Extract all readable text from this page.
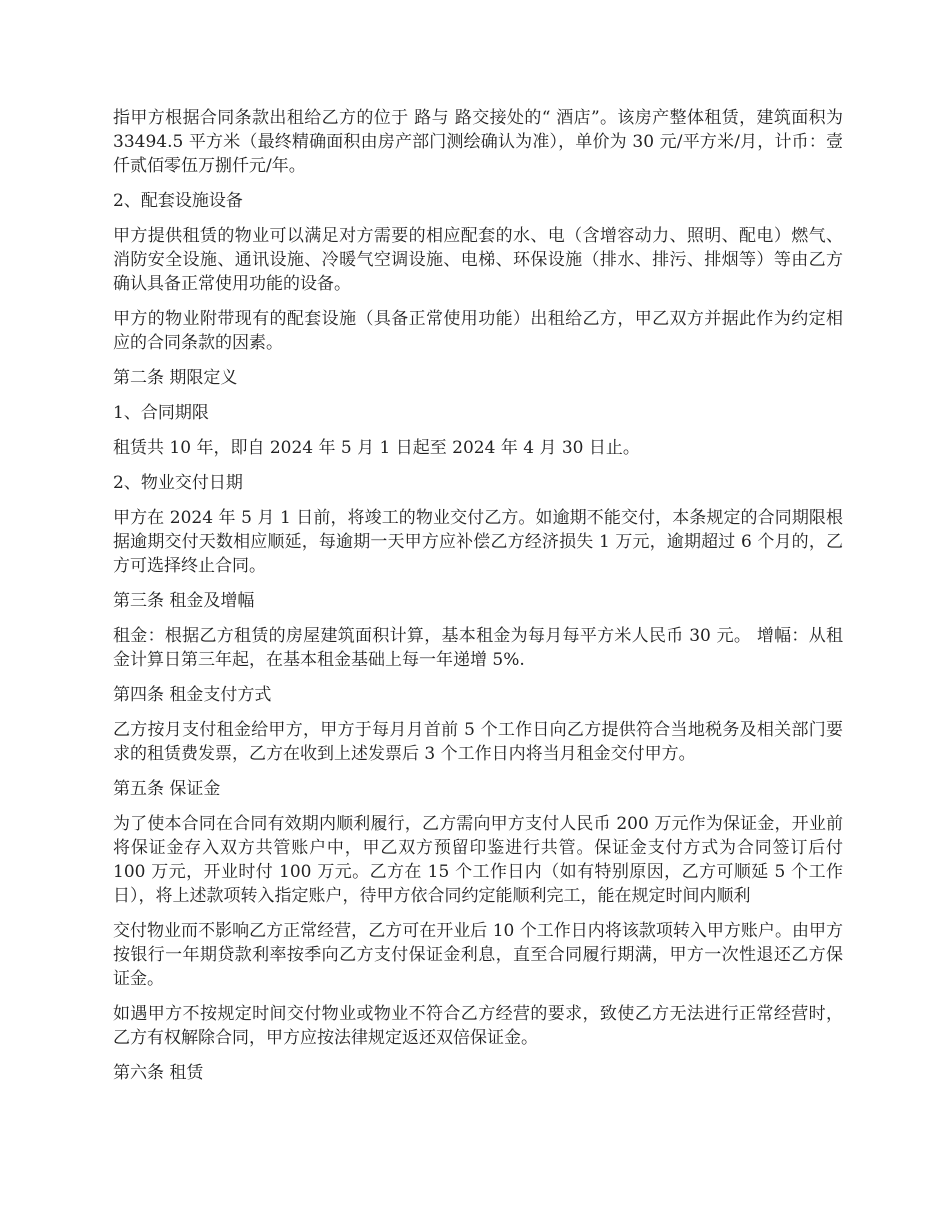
指甲方根据合同条款出租给乙方的位于 路与 路交接处的“ 酒店”。该房产整体租赁，建筑面积为 33494.5 平方米（最终精确面积由房产部门测绘确认为准），单价为 30 元/平方米/月，计币：壹仟贰佰零伍万捌仟元/年。

2、配套设施设备

甲方提供租赁的物业可以满足对方需要的相应配套的水、电（含增容动力、照明、配电）燃气、消防安全设施、通讯设施、冷暖气空调设施、电梯、环保设施（排水、排污、排烟等）等由乙方确认具备正常使用功能的设备。

甲方的物业附带现有的配套设施（具备正常使用功能）出租给乙方，甲乙双方并据此作为约定相应的合同条款的因素。

第二条 期限定义

1、合同期限

租赁共 10 年，即自 2024 年 5 月 1 日起至 2024 年 4 月 30 日止。

2、物业交付日期

甲方在 2024 年 5 月 1 日前，将竣工的物业交付乙方。如逾期不能交付，本条规定的合同期限根据逾期交付天数相应顺延，每逾期一天甲方应补偿乙方经济损失 1 万元，逾期超过 6 个月的，乙方可选择终止合同。

第三条 租金及增幅

租金：根据乙方租赁的房屋建筑面积计算，基本租金为每月每平方米人民币 30 元。 增幅：从租金计算日第三年起，在基本租金基础上每一年递增 5%.

第四条 租金支付方式

乙方按月支付租金给甲方，甲方于每月月首前 5 个工作日向乙方提供符合当地税务及相关部门要求的租赁费发票，乙方在收到上述发票后 3 个工作日内将当月租金交付甲方。

第五条 保证金

为了使本合同在合同有效期内顺利履行，乙方需向甲方支付人民币 200 万元作为保证金，开业前将保证金存入双方共管账户中，甲乙双方预留印鉴进行共管。保证金支付方式为合同签订后付 100 万元，开业时付 100 万元。乙方在 15 个工作日内（如有特别原因，乙方可顺延 5 个工作日），将上述款项转入指定账户，待甲方依合同约定能顺利完工，能在规定时间内顺利

交付物业而不影响乙方正常经营，乙方可在开业后 10 个工作日内将该款项转入甲方账户。由甲方按银行一年期贷款利率按季向乙方支付保证金利息，直至合同履行期满，甲方一次性退还乙方保证金。

如遇甲方不按规定时间交付物业或物业不符合乙方经营的要求，致使乙方无法进行正常经营时，乙方有权解除合同，甲方应按法律规定返还双倍保证金。

第六条 租赁
